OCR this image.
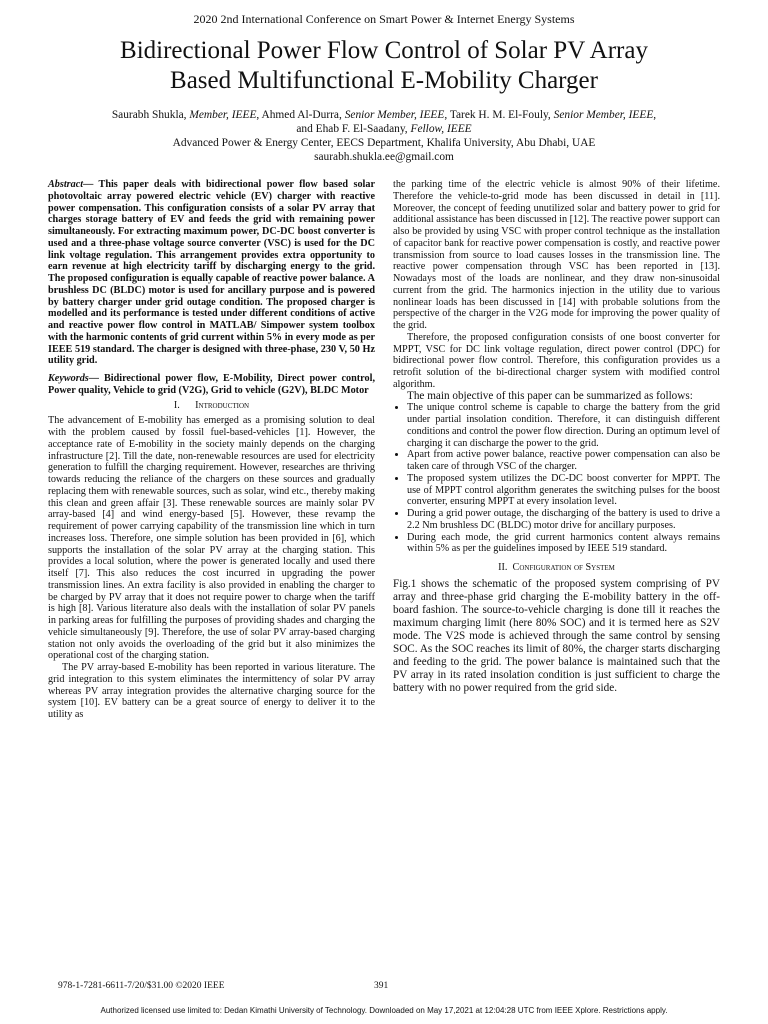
2020 2nd International Conference on Smart Power & Internet Energy Systems
Bidirectional Power Flow Control of Solar PV Array
Based Multifunctional E-Mobility Charger
Saurabh Shukla, Member, IEEE, Ahmed Al-Durra, Senior Member, IEEE, Tarek H. M. El-Fouly, Senior Member, IEEE,
and Ehab F. El-Saadany, Fellow, IEEE
Advanced Power & Energy Center, EECS Department, Khalifa University, Abu Dhabi, UAE
saurabh.shukla.ee@gmail.com

Abstract— This paper deals with bidirectional power flow based solar photovoltaic array powered electric vehicle (EV) charger with reactive power compensation. This configuration consists of a solar PV array that charges storage battery of EV and feeds the grid with remaining power simultaneously. For extracting maximum power, DC-DC boost converter is used and a three-phase voltage source converter (VSC) is used for the DC link voltage regulation. This arrangement provides extra opportunity to earn revenue at high electricity tariff by discharging energy to the grid. The proposed configuration is equally capable of reactive power balance. A brushless DC (BLDC) motor is used for ancillary purpose and is powered by battery charger under grid outage condition. The proposed charger is modelled and its performance is tested under different conditions of active and reactive power flow control in MATLAB/ Simpower system toolbox with the harmonic contents of grid current within 5% in every mode as per IEEE 519 standard. The charger is designed with three-phase, 230 V, 50 Hz utility grid.

Keywords— Bidirectional power flow, E-Mobility, Direct power control, Power quality, Vehicle to grid (V2G), Grid to vehicle (G2V), BLDC Motor

I. Introduction

The advancement of E-mobility has emerged as a promising solution to deal with the problem caused by fossil fuel-based-vehicles [1]. However, the acceptance rate of E-mobility in the society mainly depends on the charging infrastructure [2]. Till the date, non-renewable resources are used for electricity generation to fulfill the charging requirement. However, researches are thriving towards reducing the reliance of the chargers on these sources and gradually replacing them with renewable sources, such as solar, wind etc., thereby making this clean and green affair [3]. These renewable sources are mainly solar PV array-based [4] and wind energy-based [5]. However, these revamp the requirement of power carrying capability of the transmission line which in turn increases loss. Therefore, one simple solution has been provided in [6], which supports the installation of the solar PV array at the charging station. This provides a local solution, where the power is generated locally and used there itself [7]. This also reduces the cost incurred in upgrading the power transmission lines. An extra facility is also provided in enabling the charger to be charged by PV array that it does not require power to charge when the tariff is high [8]. Various literature also deals with the installation of solar PV panels in parking areas for fulfilling the purposes of providing shades and charging the vehicle simultaneously [9]. Therefore, the use of solar PV array-based charging station not only avoids the overloading of the grid but it also minimizes the operational cost of the charging station.

The PV array-based E-mobility has been reported in various literature. The grid integration to this system eliminates the intermittency of solar PV array whereas PV array integration provides the alternative charging source for the system [10]. EV battery can be a great source of energy to deliver it to the utility as

the parking time of the electric vehicle is almost 90% of their lifetime. Therefore the vehicle-to-grid mode has been discussed in detail in [11]. Moreover, the concept of feeding unutilized solar and battery power to grid for additional assistance has been discussed in [12]. The reactive power support can also be provided by using VSC with proper control technique as the installation of capacitor bank for reactive power compensation is costly, and reactive power transmission from source to load causes losses in the transmission line. The reactive power compensation through VSC has been reported in [13]. Nowadays most of the loads are nonlinear, and they draw non-sinusoidal current from the grid. The harmonics injection in the utility due to various nonlinear loads has been discussed in [14] with probable solutions from the perspective of the charger in the V2G mode for improving the power quality of the grid.

Therefore, the proposed configuration consists of one boost converter for MPPT, VSC for DC link voltage regulation, direct power control (DPC) for bidirectional power flow control. Therefore, this configuration provides us a retrofit solution of the bi-directional charger system with modified control algorithm.

The main objective of this paper can be summarized as follows:

• The unique control scheme is capable to charge the battery from the grid under partial insolation condition. Therefore, it can distinguish different conditions and control the power flow direction. During an optimum level of charging it can discharge the power to the grid.
• Apart from active power balance, reactive power compensation can also be taken care of through VSC of the charger.
• The proposed system utilizes the DC-DC boost converter for MPPT. The use of MPPT control algorithm generates the switching pulses for the boost converter, ensuring MPPT at every insolation level.
• During a grid power outage, the discharging of the battery is used to drive a 2.2 Nm brushless DC (BLDC) motor drive for ancillary purposes.
• During each mode, the grid current harmonics content always remains within 5% as per the guidelines imposed by IEEE 519 standard.
II. Configuration of System

Fig.1 shows the schematic of the proposed system comprising of PV array and three-phase grid charging the E-mobility battery in the off-board fashion. The source-to-vehicle charging is done till it reaches the maximum charging limit (here 80% SOC) and it is termed here as S2V mode. The V2S mode is achieved through the same control by sensing SOC. As the SOC reaches its limit of 80%, the charger starts discharging and feeding to the grid. The power balance is maintained such that the PV array in its rated insolation condition is just sufficient to charge the battery with no power required from the grid side.

978-1-7281-6611-7/20/$31.00 ©2020 IEEE	391
Authorized licensed use limited to: Dedan Kimathi University of Technology. Downloaded on May 17,2021 at 12:04:28 UTC from IEEE Xplore. Restrictions apply.
